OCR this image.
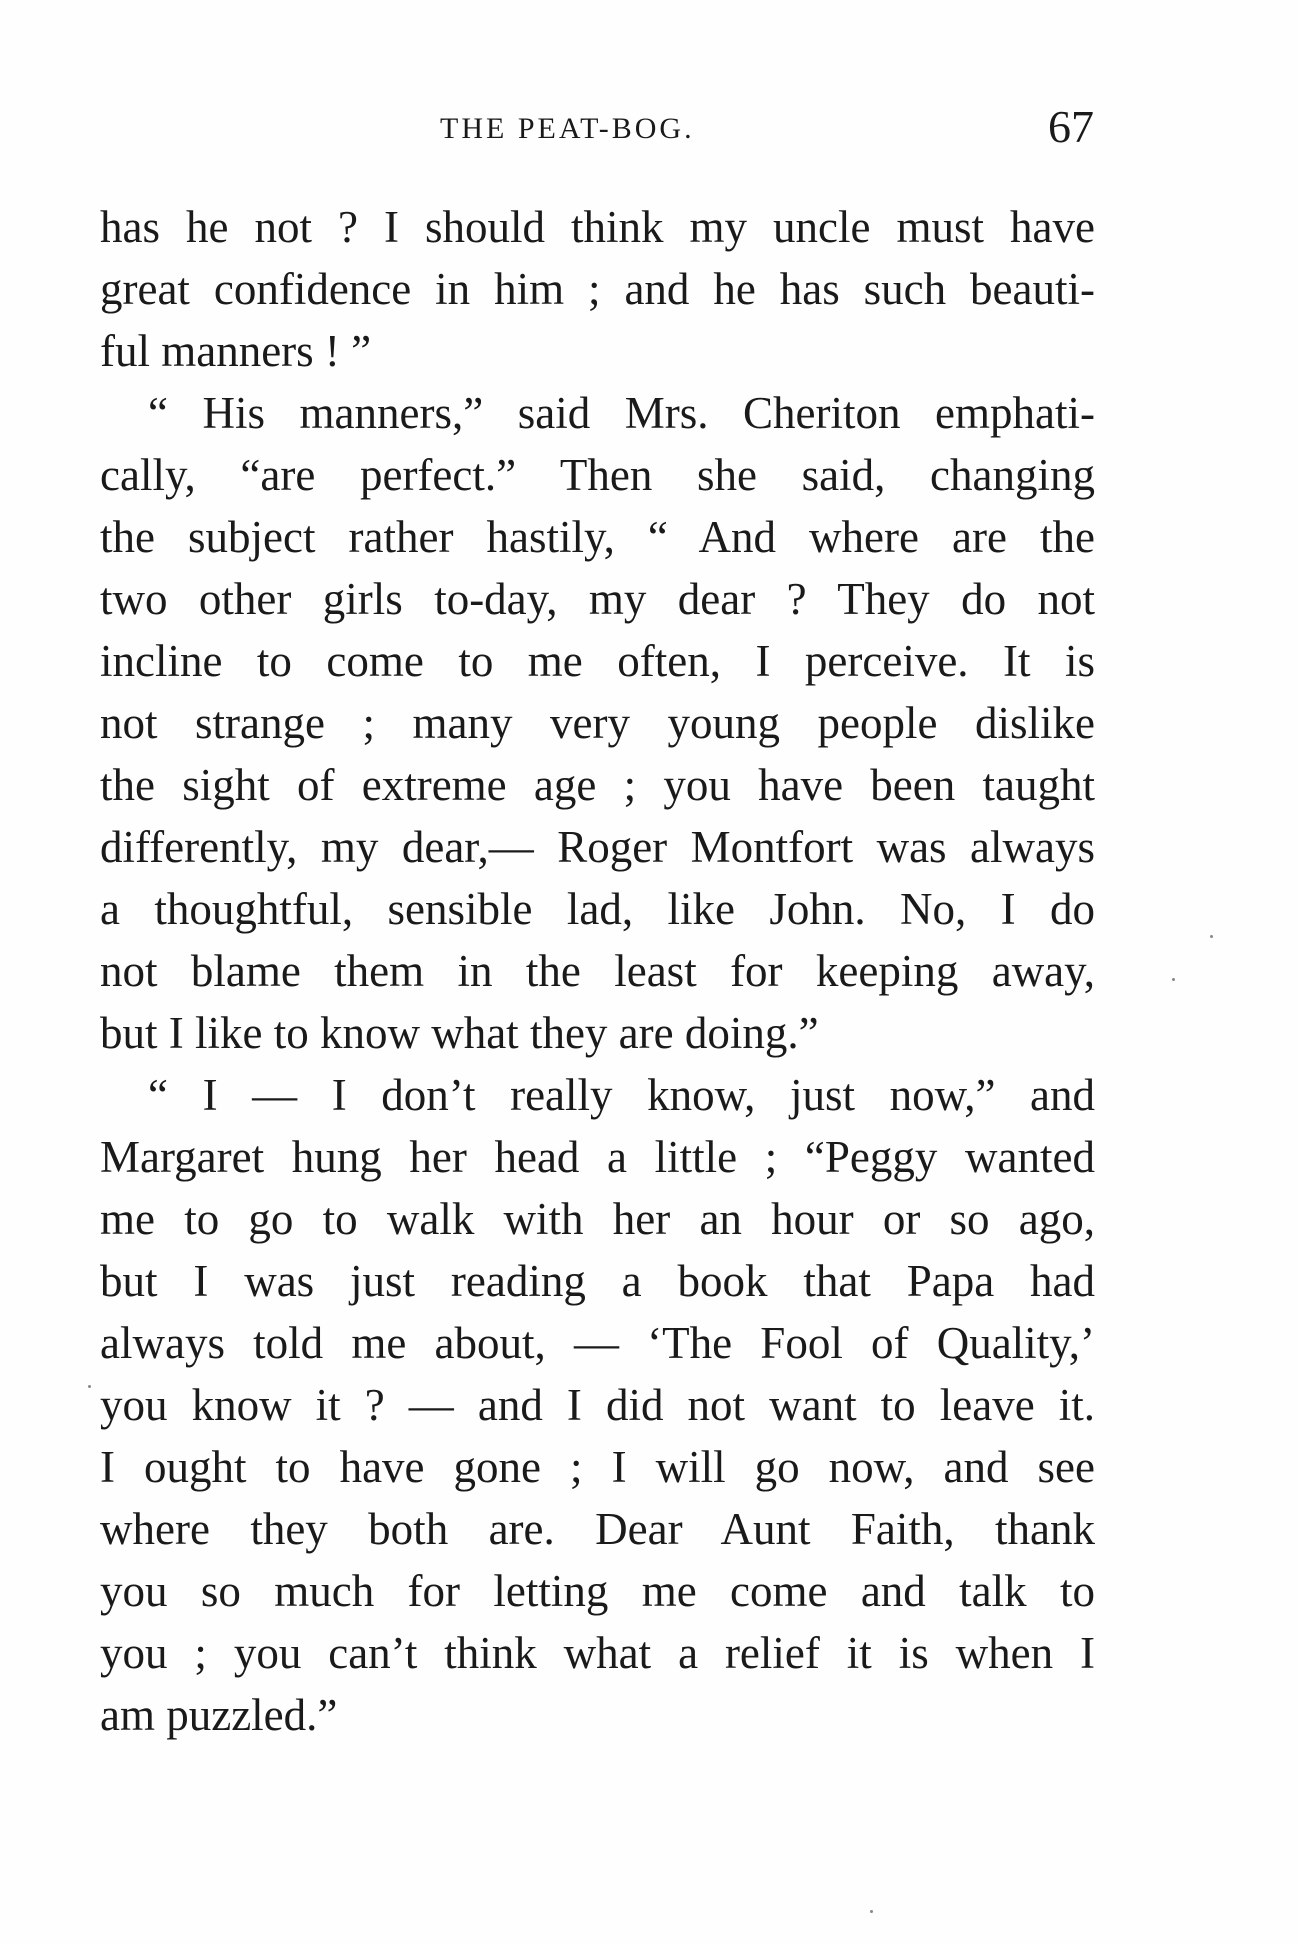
THE PEAT-BOG.	67
has he not ? I should think my uncle must have
great confidence in him ; and he has such beauti-
ful manners ! ”
“ His manners,” said Mrs. Cheriton emphati-
cally, “are perfect.” Then she said, changing
the subject rather hastily, “ And where are the
two other girls to-day, my dear ? They do not
incline to come to me often, I perceive. It is
not strange ; many very young people dislike
the sight of extreme age ; you have been taught
differently, my dear,— Roger Montfort was always
a thoughtful, sensible lad, like John. No, I do
not blame them in the least for keeping away,
but I like to know what they are doing.”
“ I — I don’t really know, just now,” and
Margaret hung her head a little ; “Peggy wanted
me to go to walk with her an hour or so ago,
but I was just reading a book that Papa had
always told me about, — ‘The Fool of Quality,’
you know it ? — and I did not want to leave it.
I ought to have gone ; I will go now, and see
where they both are. Dear Aunt Faith, thank
you so much for letting me come and talk to
you ; you can’t think what a relief it is when I
am puzzled.”
